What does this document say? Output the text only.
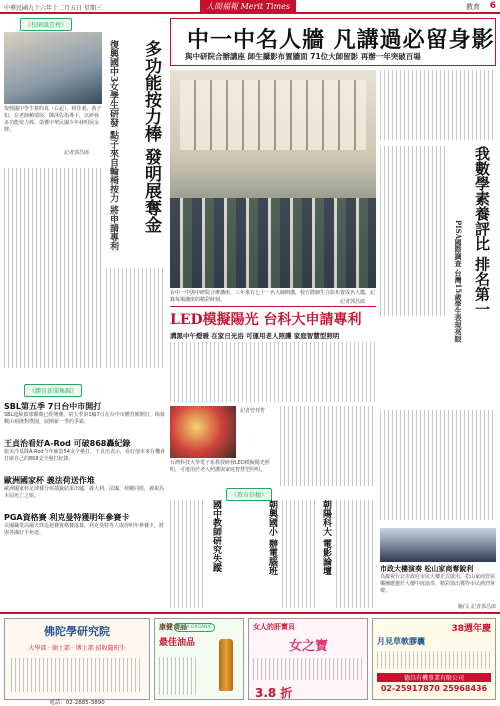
中華民國九十六年十二月五日 星期三	人間福報 Merit Times	教育 6
《校園風雲榜》
復興國中學生蔡昀真（右起）、林佳蓁、黃子如，在老師賴瑞展、陳泳佐指導下，以研發多功能按力棒，榮獲中華民國少年發明展金牌。
記者郭昌郎	多功能按力棒 發明展奪金
復興國中3女學生研發 點子來自輪椅按力 將申請專利
《體育新聞集錦》
SBL第五季 7日台中市開打
SBL超級籃球聯賽已經開賽，第五季第1輪7日在台中市體育館開打，揭幕戰由裕隆對璞園，展開新一季的爭霸。
王貞治看好A-Rod 可破868轟紀錄
旅美洋基隊A-Rod今年締造54支全壘打，王貞治表示，看好他未來有機會打破自己的868支全壘打紀錄。
歐洲國家杯 義法荷送作堆
歐洲國家杯足球賽分組抽籤結果出爐，義大利、法國、荷蘭同組，被視為本屆死亡之組。
PGA資格賽 利克曼特獲明年參賽卡
美國職業高爾夫球巡迴賽資格賽落幕，利克曼特等人取得明年參賽卡，將與各國好手角逐。
中一中名人牆 凡講過必留身影
與中研院合辦講座 師生攝影布置牆面 71位大師留影 再辦一年突破百場
台中一中與中研院合辦講座，三年來有七十一名大師開講，校方將師生合影布置成名人牆，記錄每場講座的精彩時刻。	記者郭昌郎	我數學素養評比 排名第一
PISA國際調查 台灣15歲學生表現亮眼
LED模擬陽光 台科大申請專利
溝黑中午燈暖 在家日光浴 可運用老人照護 家庭智慧型照明
台灣科技大學電子系教授研發LED模擬陽光照明，可運用於老人照護與家庭智慧型照明。
記者曾邦哲
《教育拾穗》
朝陽科大 電影論壇
朝興國小 辦電腦班
國中教師研究失蹤	市政大樓演奏 松山家商奪銳利
為慶祝台北市政府市民大樓正式啟用，松山家商管弦樂團應邀於大樓中庭演奏，精彩演出獲得市民熱烈掌聲。
圖/文 記者郭昌郎
佛陀學研究院
大學部 · 碩士部 · 博士部 招收隨班生
電話：02-2885-3890
康健食品
最佳油品
USDA ORGANIC	女人的肝寶貝
女之寶
3.8 折
38週年慶
月見草軟膠囊
德昌有機事業有限公司
02-25917870 25968436
